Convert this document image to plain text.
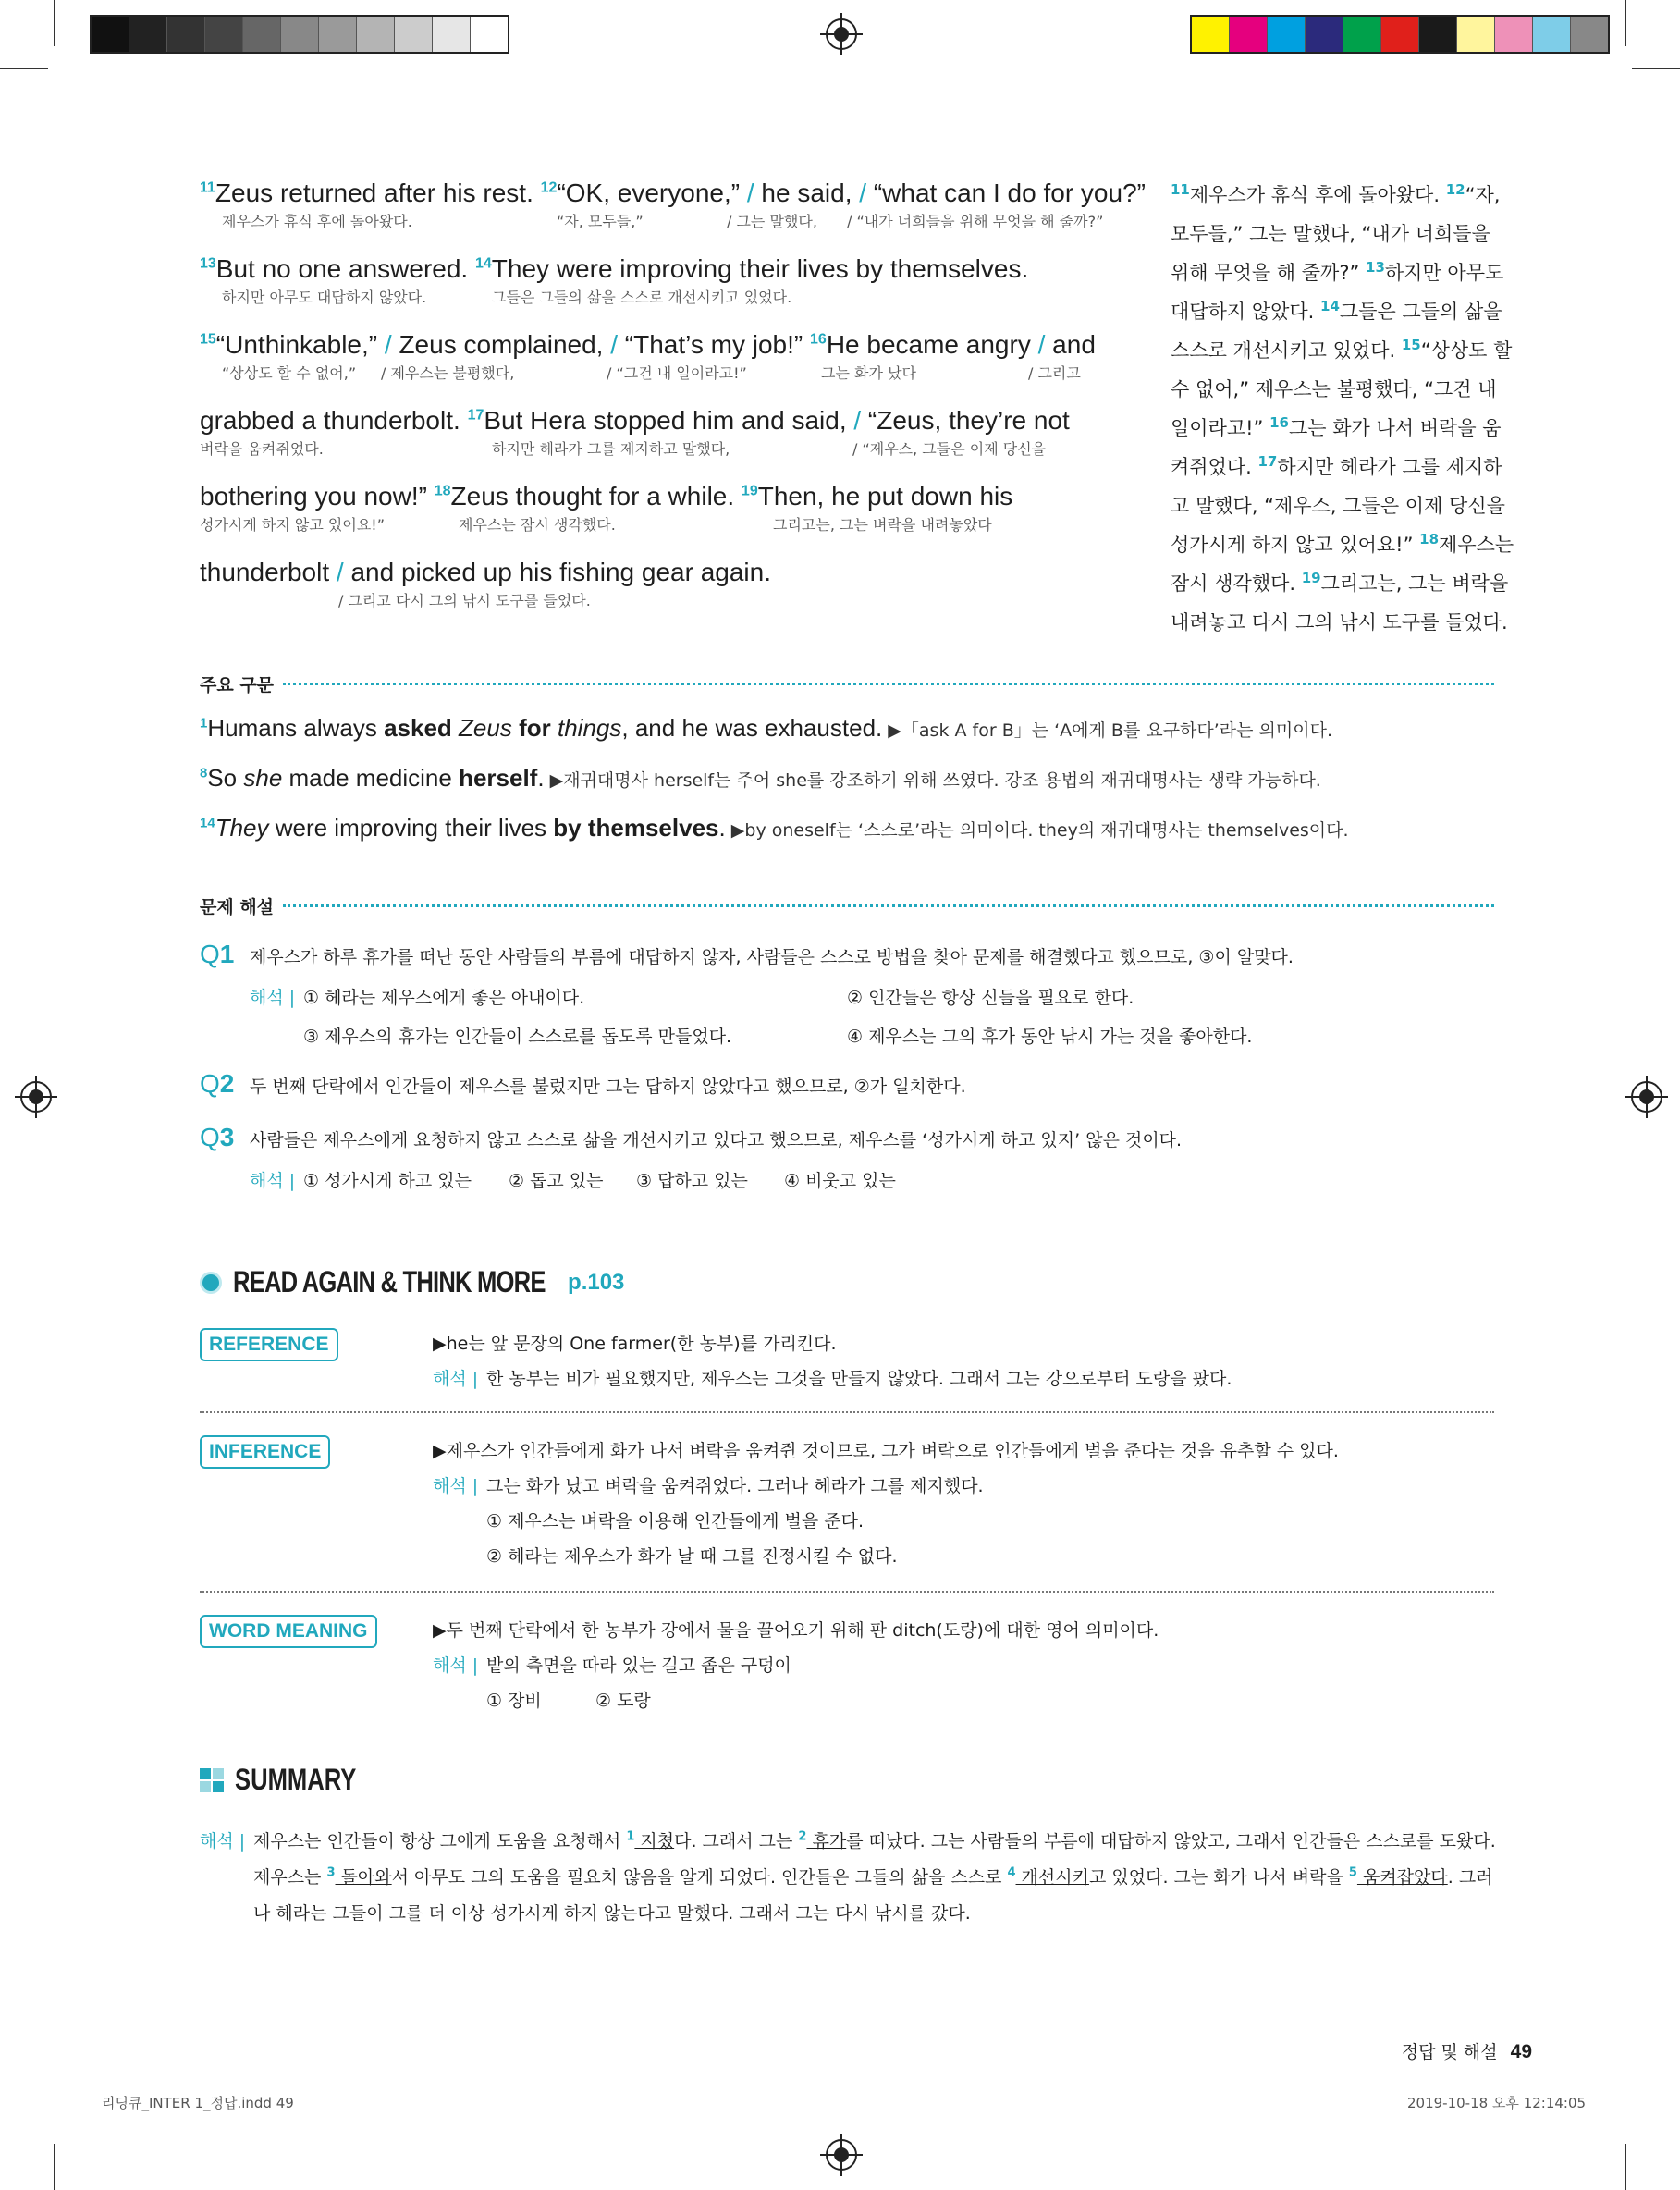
$^{11}$Zeus returned after his rest. $^{12}$“OK, everyone,” / he said, / “what can I do for you?”
제우스가 휴식 후에 돌아왔다.	“자, 모두들,”	/ 그는 말했다, / “내가 너희들을 위해 무엇을 해 줄까?”
$^{13}$But no one answered. $^{14}$They were improving their lives by themselves.
하지만 아무도 대답하지 않았다.	그들은 그들의 삶을 스스로 개선시키고 있었다.
$^{15}$“Unthinkable,” / Zeus complained, / “That’s my job!” $^{16}$He became angry / and
“상상도 할 수 없어,” / 제우스는 불평했다,	/ “그건 내 일이라고!”	그는 화가 났다	/ 그리고
grabbed a thunderbolt. $^{17}$But Hera stopped him and said, / “Zeus, they’re not
벼락을 움켜쥐었다.	하지만 헤라가 그를 제지하고 말했다,	/ “제우스, 그들은 이제 당신을
bothering you now!” $^{18}$Zeus thought for a while. $^{19}$Then, he put down his
성가시게 하지 않고 있어요!”	제우스는 잠시 생각했다.	그리고는, 그는 벼락을 내려놓았다
thunderbolt / and picked up his fishing gear again.
/ 그리고 다시 그의 낚시 도구를 들었다.
$^{11}$제우스가 휴식 후에 돌아왔다. $^{12}$“자, 모두들,” 그는 말했다, “내가 너희들을 위해 무엇을 해 줄까?” $^{13}$하지만 아무도 대답하지 않았다. $^{14}$그들은 그들의 삶을 스스로 개선시키고 있었다. $^{15}$“상상도 할 수 없어,” 제우스는 불평했다, “그건 내 일이라고!” $^{16}$그는 화가 나서 벼락을 움켜쥐었다. $^{17}$하지만 헤라가 그를 제지하고 말했다, “제우스, 그들은 이제 당신을 성가시게 하지 않고 있어요!” $^{18}$제우스는 잠시 생각했다. $^{19}$그리고는, 그는 벼락을 내려놓고 다시 그의 낚시 도구를 들었다.
주요 구문
$^1$Humans always asked Zeus for things, and he was exhausted. ▶「ask A for B」는 ‘A에게 B를 요구하다’라는 의미이다.
$^8$So she made medicine herself. ▶재귀대명사 herself는 주어 she를 강조하기 위해 쓰였다. 강조 용법의 재귀대명사는 생략 가능하다.
$^{14}$They were improving their lives by themselves. ▶by oneself는 ‘스스로’라는 의미이다. they의 재귀대명사는 themselves이다.
문제 해설
Q1 제우스가 하루 휴가를 떠난 동안 사람들의 부름에 대답하지 않자, 사람들은 스스로 방법을 찾아 문제를 해결했다고 했으므로, ③이 알맞다.
해석 | ① 헤라는 제우스에게 좋은 아내이다.	② 인간들은 항상 신들을 필요로 한다.
③ 제우스의 휴가는 인간들이 스스로를 돕도록 만들었다.	④ 제우스는 그의 휴가 동안 낚시 가는 것을 좋아한다.
Q2 두 번째 단락에서 인간들이 제우스를 불렀지만 그는 답하지 않았다고 했으므로, ②가 일치한다.
Q3 사람들은 제우스에게 요청하지 않고 스스로 삶을 개선시키고 있다고 했으므로, 제우스를 ‘성가시게 하고 있지’ 않은 것이다.
해석 | ① 성가시게 하고 있는 ② 돕고 있는 ③ 답하고 있는 ④ 비웃고 있는
READ AGAIN & THINK MORE p.103
REFERENCE	▶he는 앞 문장의 One farmer(한 농부)를 가리킨다.
해석 | 한 농부는 비가 필요했지만, 제우스는 그것을 만들지 않았다. 그래서 그는 강으로부터 도랑을 팠다.
INFERENCE	▶제우스가 인간들에게 화가 나서 벼락을 움켜쥔 것이므로, 그가 벼락으로 인간들에게 벌을 준다는 것을 유추할 수 있다.
해석 | 그는 화가 났고 벼락을 움켜쥐었다. 그러나 헤라가 그를 제지했다.
① 제우스는 벼락을 이용해 인간들에게 벌을 준다.
② 헤라는 제우스가 화가 날 때 그를 진정시킬 수 없다.
WORD MEANING	▶두 번째 단락에서 한 농부가 강에서 물을 끌어오기 위해 판 ditch(도랑)에 대한 영어 의미이다.
해석 | 밭의 측면을 따라 있는 길고 좁은 구덩이
① 장비	② 도랑
SUMMARY
해석 | 제우스는 인간들이 항상 그에게 도움을 요청해서 $^1$ 지쳤다. 그래서 그는 $^2$ 휴가를 떠났다. 그는 사람들의 부름에 대답하지 않았고, 그래서 인간들은 스스로를 도왔다. 제우스는 $^3$ 돌아와서 아무도 그의 도움을 필요치 않음을 알게 되었다. 인간들은 그들의 삶을 스스로 $^4$ 개선시키고 있었다. 그는 화가 나서 벼락을 $^5$ 움켜잡았다. 그러나 헤라는 그들이 그를 더 이상 성가시게 하지 않는다고 말했다. 그래서 그는 다시 낚시를 갔다.
정답 및 해설 49
리딩큐_INTER 1_정답.indd 49	2019-10-18 오후 12:14:05
